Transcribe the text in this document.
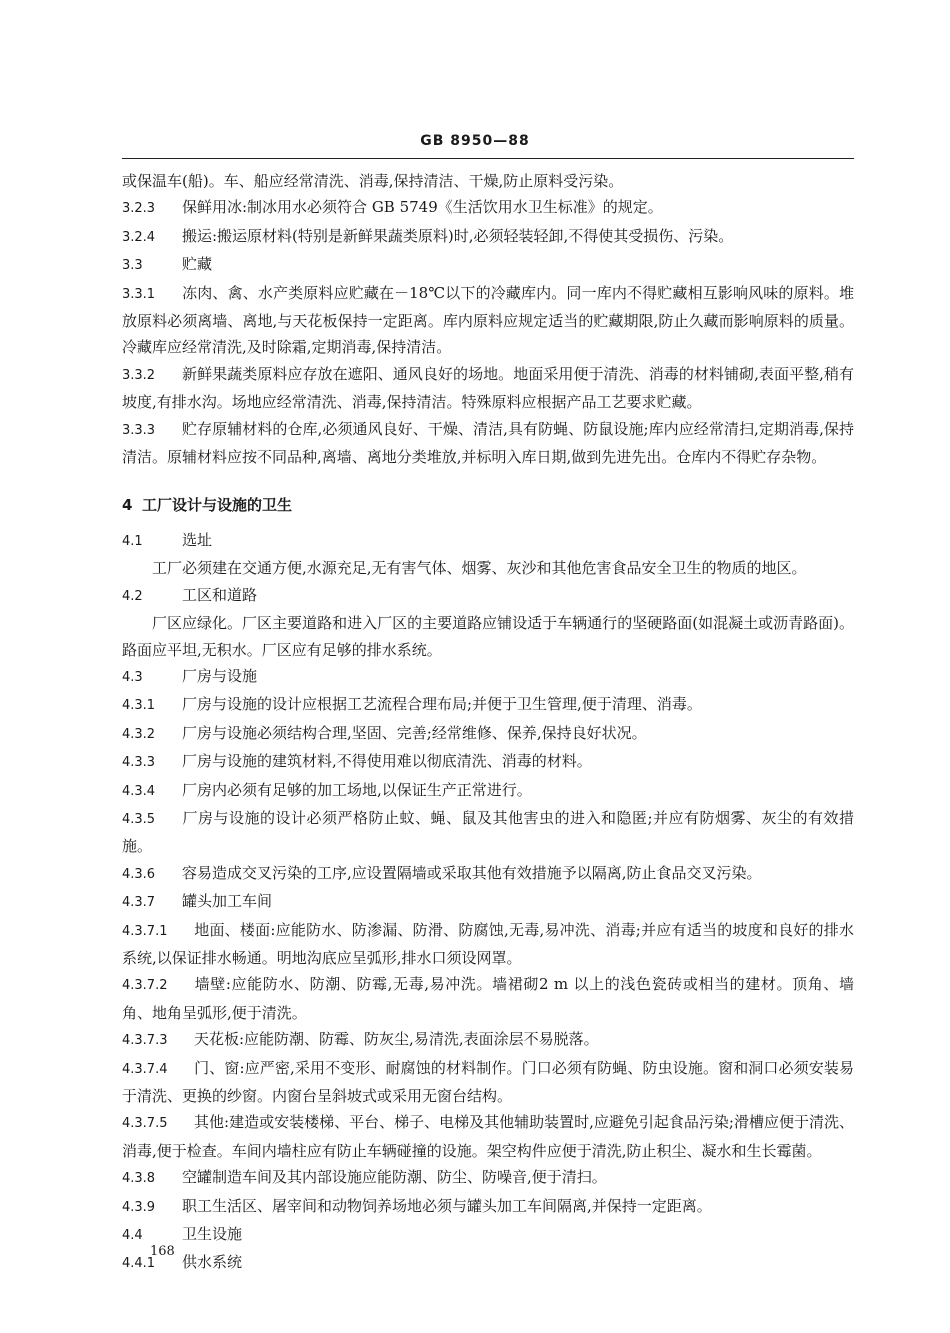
GB 8950—88

或保温车(船)。车、船应经常清洗、消毒,保持清洁、干燥,防止原料受污染。

3.2.3 保鲜用冰:制冰用水必须符合 GB 5749《生活饮用水卫生标准》的规定。

3.2.4 搬运:搬运原材料(特别是新鲜果蔬类原料)时,必须轻装轻卸,不得使其受损伤、污染。

3.3	贮藏

3.3.1 冻肉、禽、水产类原料应贮藏在－18℃以下的冷藏库内。同一库内不得贮藏相互影响风味的原料。堆放原料必须离墙、离地,与天花板保持一定距离。库内原料应规定适当的贮藏期限,防止久藏而影响原料的质量。冷藏库应经常清洗,及时除霜,定期消毒,保持清洁。

3.3.2 新鲜果蔬类原料应存放在遮阳、通风良好的场地。地面采用便于清洗、消毒的材料铺砌,表面平整,稍有坡度,有排水沟。场地应经常清洗、消毒,保持清洁。特殊原料应根据产品工艺要求贮藏。

3.3.3 贮存原辅材料的仓库,必须通风良好、干燥、清洁,具有防蝇、防鼠设施;库内应经常清扫,定期消毒,保持清洁。原辅材料应按不同品种,离墙、离地分类堆放,并标明入库日期,做到先进先出。仓库内不得贮存杂物。

4 工厂设计与设施的卫生

4.1	选址

工厂必须建在交通方便,水源充足,无有害气体、烟雾、灰沙和其他危害食品安全卫生的物质的地区。

4.2	工区和道路

厂区应绿化。厂区主要道路和进入厂区的主要道路应铺设适于车辆通行的坚硬路面(如混凝土或沥青路面)。路面应平坦,无积水。厂区应有足够的排水系统。

4.3	厂房与设施

4.3.1 厂房与设施的设计应根据工艺流程合理布局;并便于卫生管理,便于清理、消毒。

4.3.2 厂房与设施必须结构合理,坚固、完善;经常维修、保养,保持良好状况。

4.3.3 厂房与设施的建筑材料,不得使用难以彻底清洗、消毒的材料。

4.3.4 厂房内必须有足够的加工场地,以保证生产正常进行。

4.3.5 厂房与设施的设计必须严格防止蚊、蝇、鼠及其他害虫的进入和隐匿;并应有防烟雾、灰尘的有效措施。

4.3.6 容易造成交叉污染的工序,应设置隔墙或采取其他有效措施予以隔离,防止食品交叉污染。

4.3.7 罐头加工车间

4.3.7.1 地面、楼面:应能防水、防渗漏、防滑、防腐蚀,无毒,易冲洗、消毒;并应有适当的坡度和良好的排水系统,以保证排水畅通。明地沟底应呈弧形,排水口须设网罩。

4.3.7.2 墙壁:应能防水、防潮、防霉,无毒,易冲洗。墙裙砌2 m 以上的浅色瓷砖或相当的建材。顶角、墙角、地角呈弧形,便于清洗。

4.3.7.3 天花板:应能防潮、防霉、防灰尘,易清洗,表面涂层不易脱落。

4.3.7.4 门、窗:应严密,采用不变形、耐腐蚀的材料制作。门口必须有防蝇、防虫设施。窗和洞口必须安装易于清洗、更换的纱窗。内窗台呈斜坡式或采用无窗台结构。

4.3.7.5 其他:建造或安装楼梯、平台、梯子、电梯及其他辅助装置时,应避免引起食品污染;滑槽应便于清洗、消毒,便于检查。车间内墙柱应有防止车辆碰撞的设施。架空构件应便于清洗,防止积尘、凝水和生长霉菌。

4.3.8 空罐制造车间及其内部设施应能防潮、防尘、防噪音,便于清扫。

4.3.9 职工生活区、屠宰间和动物饲养场地必须与罐头加工车间隔离,并保持一定距离。

4.4	卫生设施

4.4.1 供水系统

168
